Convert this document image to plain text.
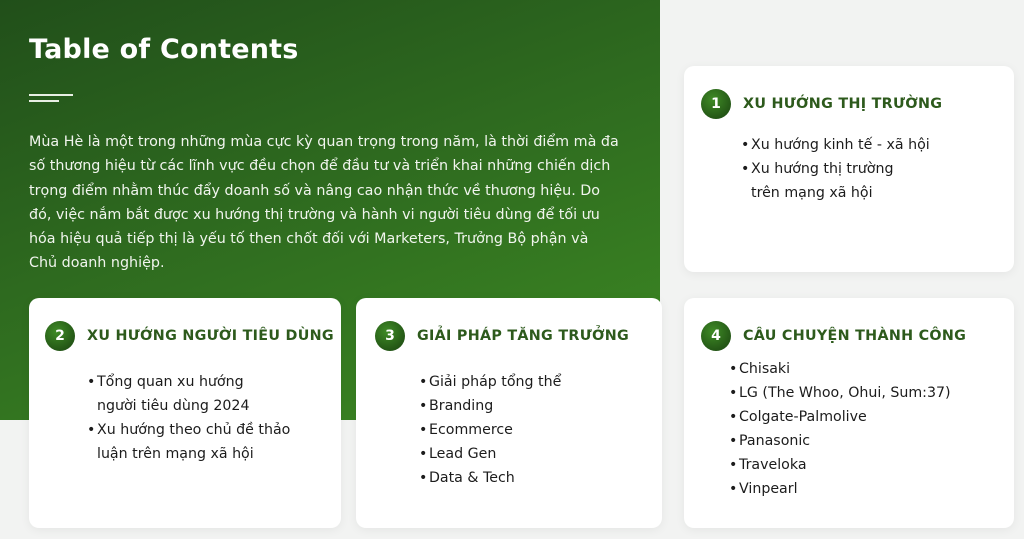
Table of Contents

Mùa Hè là một trong những mùa cực kỳ quan trọng trong năm, là thời điểm mà đa số thương hiệu từ các lĩnh vực đều chọn để đầu tư và triển khai những chiến dịch trọng điểm nhằm thúc đẩy doanh số và nâng cao nhận thức về thương hiệu. Do đó, việc nắm bắt được xu hướng thị trường và hành vi người tiêu dùng để tối ưu hóa hiệu quả tiếp thị là yếu tố then chốt đối với Marketers, Trưởng Bộ phận và Chủ doanh nghiệp.

1	XU HƯỚNG THỊ TRƯỜNG
• Xu hướng kinh tế - xã hội
• Xu hướng thị trường trên mạng xã hội
2	XU HƯỚNG NGƯỜI TIÊU DÙNG
• Tổng quan xu hướng người tiêu dùng 2024
• Xu hướng theo chủ đề thảo luận trên mạng xã hội
3	GIẢI PHÁP TĂNG TRƯỞNG
• Giải pháp tổng thể
• Branding
• Ecommerce
• Lead Gen
• Data & Tech
4	CÂU CHUYỆN THÀNH CÔNG
• Chisaki
• LG (The Whoo, Ohui, Sum:37)
• Colgate-Palmolive
• Panasonic
• Traveloka
• Vinpearl
